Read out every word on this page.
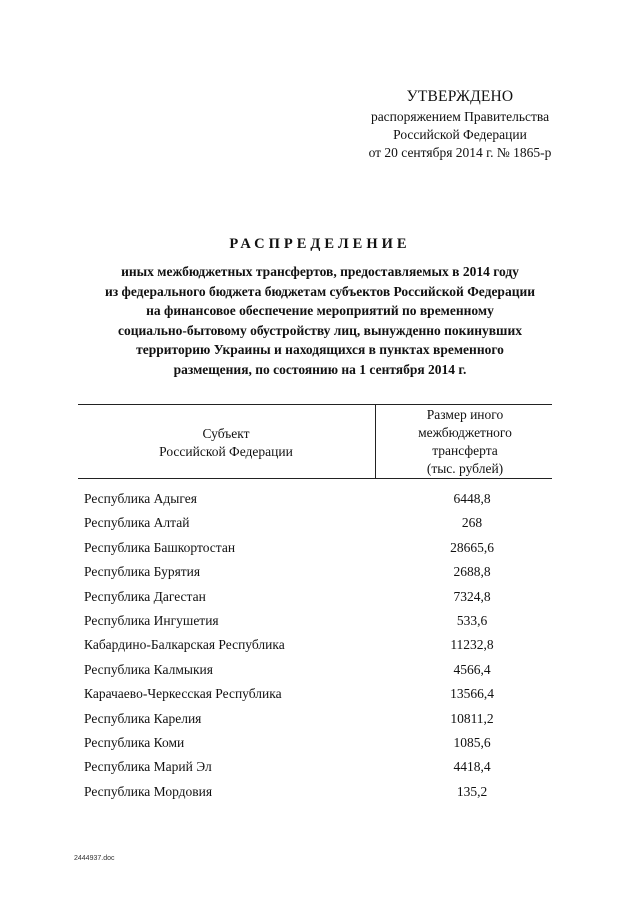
УТВЕРЖДЕНО
распоряжением Правительства
Российской Федерации
от 20 сентября 2014 г. № 1865-р
РАСПРЕДЕЛЕНИЕ
иных межбюджетных трансфертов, предоставляемых в 2014 году
из федерального бюджета бюджетам субъектов Российской Федерации
на финансовое обеспечение мероприятий по временному
социально-бытовому обустройству лиц, вынужденно покинувших
территорию Украины и находящихся в пунктах временного
размещения, по состоянию на 1 сентября 2014 г.
Субъект
Российской Федерации
Размер иного
межбюджетного
трансферта
(тыс. рублей)
Республика Адыгея	6448,8
Республика Алтай	268
Республика Башкортостан	28665,6
Республика Бурятия	2688,8
Республика Дагестан	7324,8
Республика Ингушетия	533,6
Кабардино-Балкарская Республика	11232,8
Республика Калмыкия	4566,4
Карачаево-Черкесская Республика	13566,4
Республика Карелия	10811,2
Республика Коми	1085,6
Республика Марий Эл	4418,4
Республика Мордовия	135,2
2444937.doc
